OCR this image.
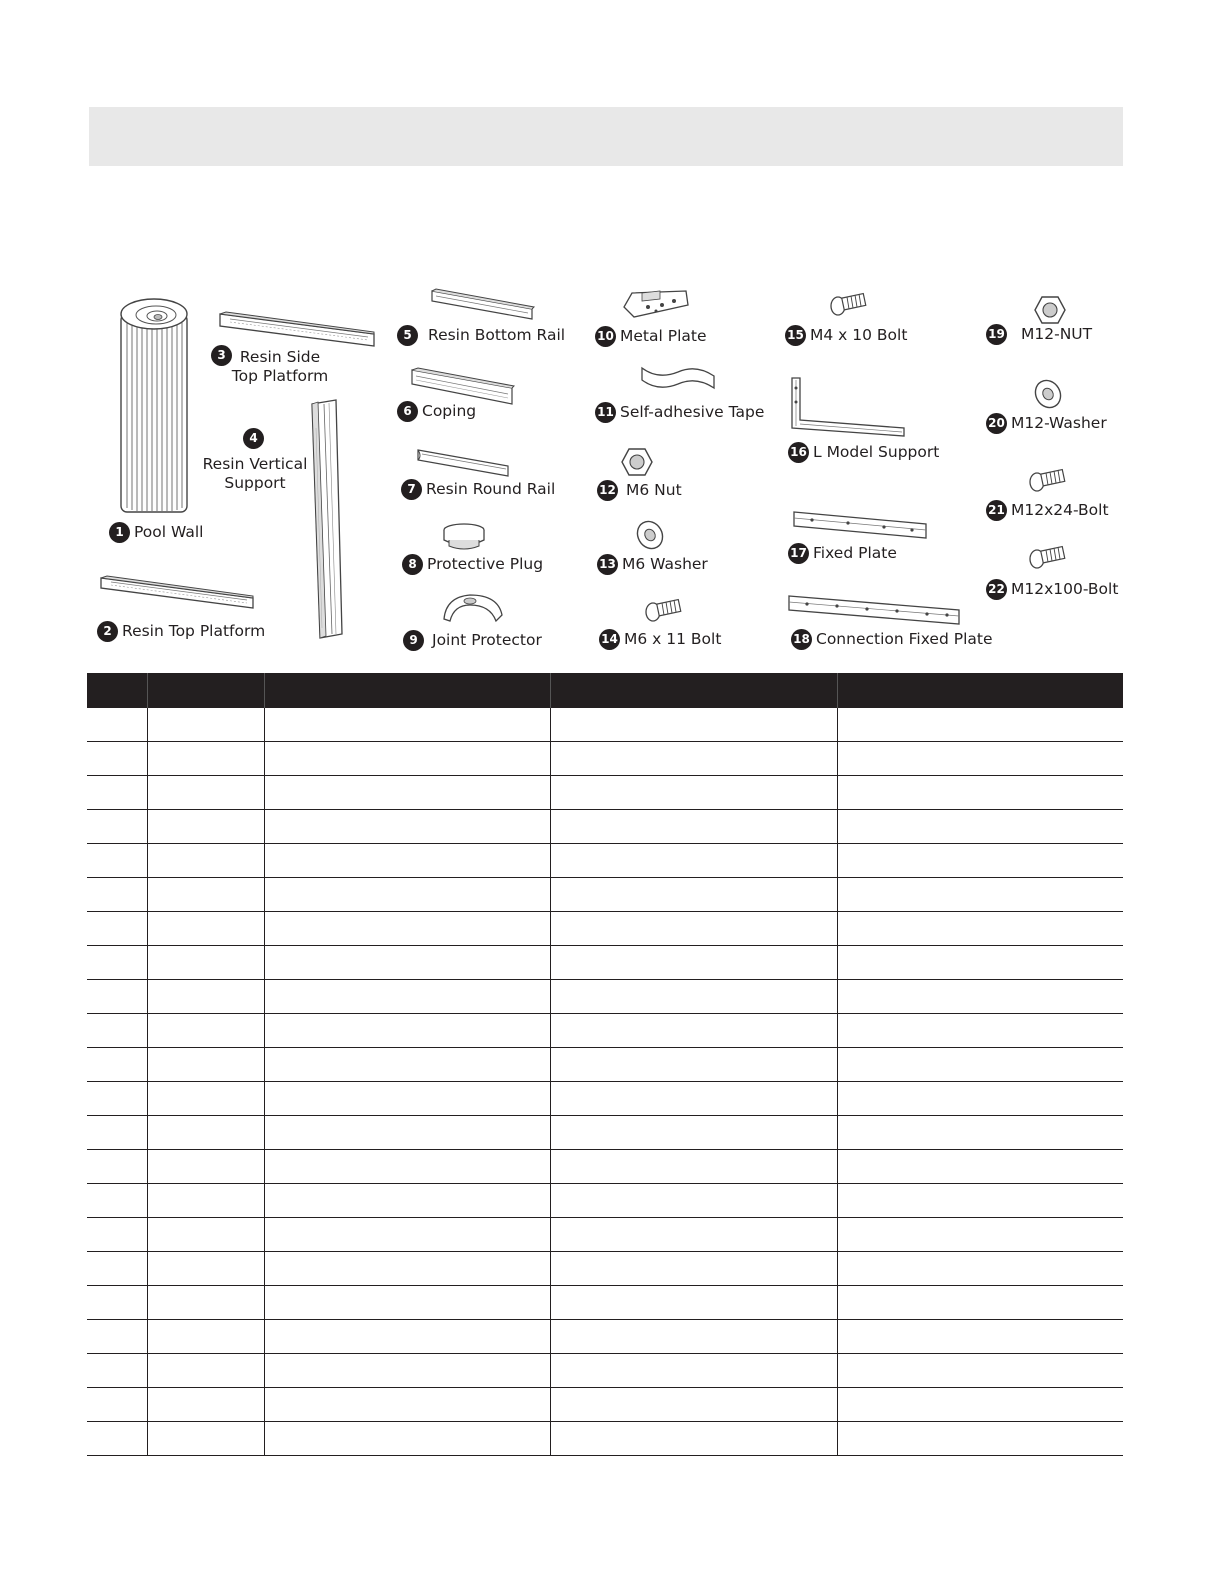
1 Pool Wall
2 Resin Top Platform
3 Resin Side
Top Platform
4
Resin Vertical
Support
5	Resin Bottom Rail
6 Coping
7 Resin Round Rail
8 Protective Plug
9 Joint Protector
10 Metal Plate
11 Self-adhesive Tape
12 M6 Nut
13 M6 Washer
14 M6 x 11 Bolt
15 M4 x 10 Bolt
16 L Model Support
17 Fixed Plate
18 Connection Fixed Plate
19 M12-NUT
20 M12-Washer
21 M12x24-Bolt
22 M12x100-Bolt
